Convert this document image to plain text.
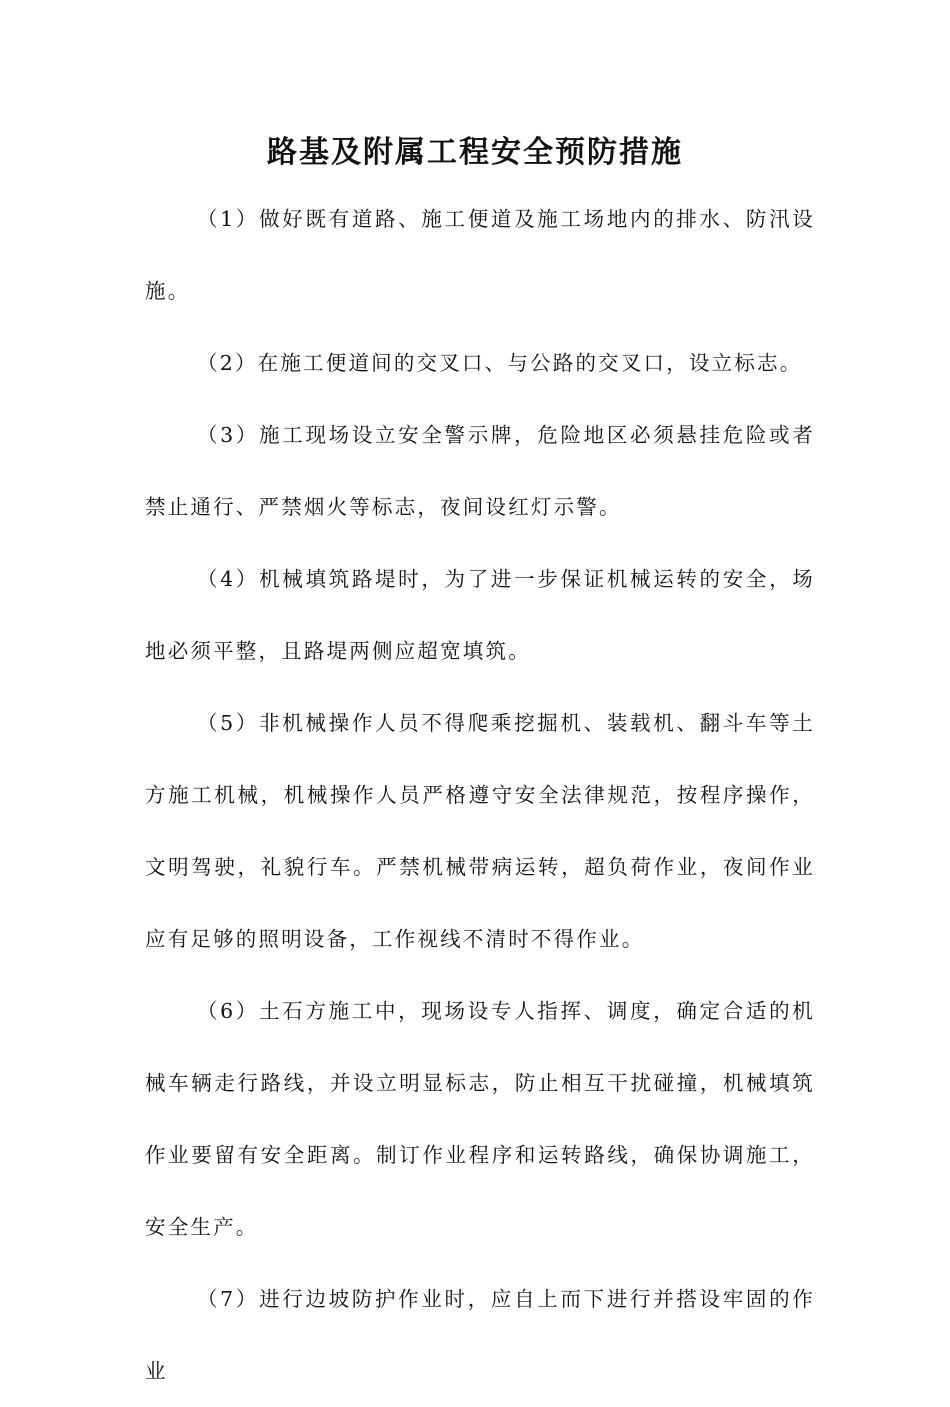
路基及附属工程安全预防措施

（1）做好既有道路、施工便道及施工场地内的排水、防汛设施。

（2）在施工便道间的交叉口、与公路的交叉口，设立标志。

（3）施工现场设立安全警示牌，危险地区必须悬挂危险或者禁止通行、严禁烟火等标志，夜间设红灯示警。

（4）机械填筑路堤时，为了进一步保证机械运转的安全，场地必须平整，且路堤两侧应超宽填筑。

（5）非机械操作人员不得爬乘挖掘机、装载机、翻斗车等土方施工机械，机械操作人员严格遵守安全法律规范，按程序操作，文明驾驶，礼貌行车。严禁机械带病运转，超负荷作业，夜间作业应有足够的照明设备，工作视线不清时不得作业。

（6）土石方施工中，现场设专人指挥、调度，确定合适的机械车辆走行路线，并设立明显标志，防止相互干扰碰撞，机械填筑作业要留有安全距离。制订作业程序和运转路线，确保协调施工，安全生产。

（7）进行边坡防护作业时，应自上而下进行并搭设牢固的作业
